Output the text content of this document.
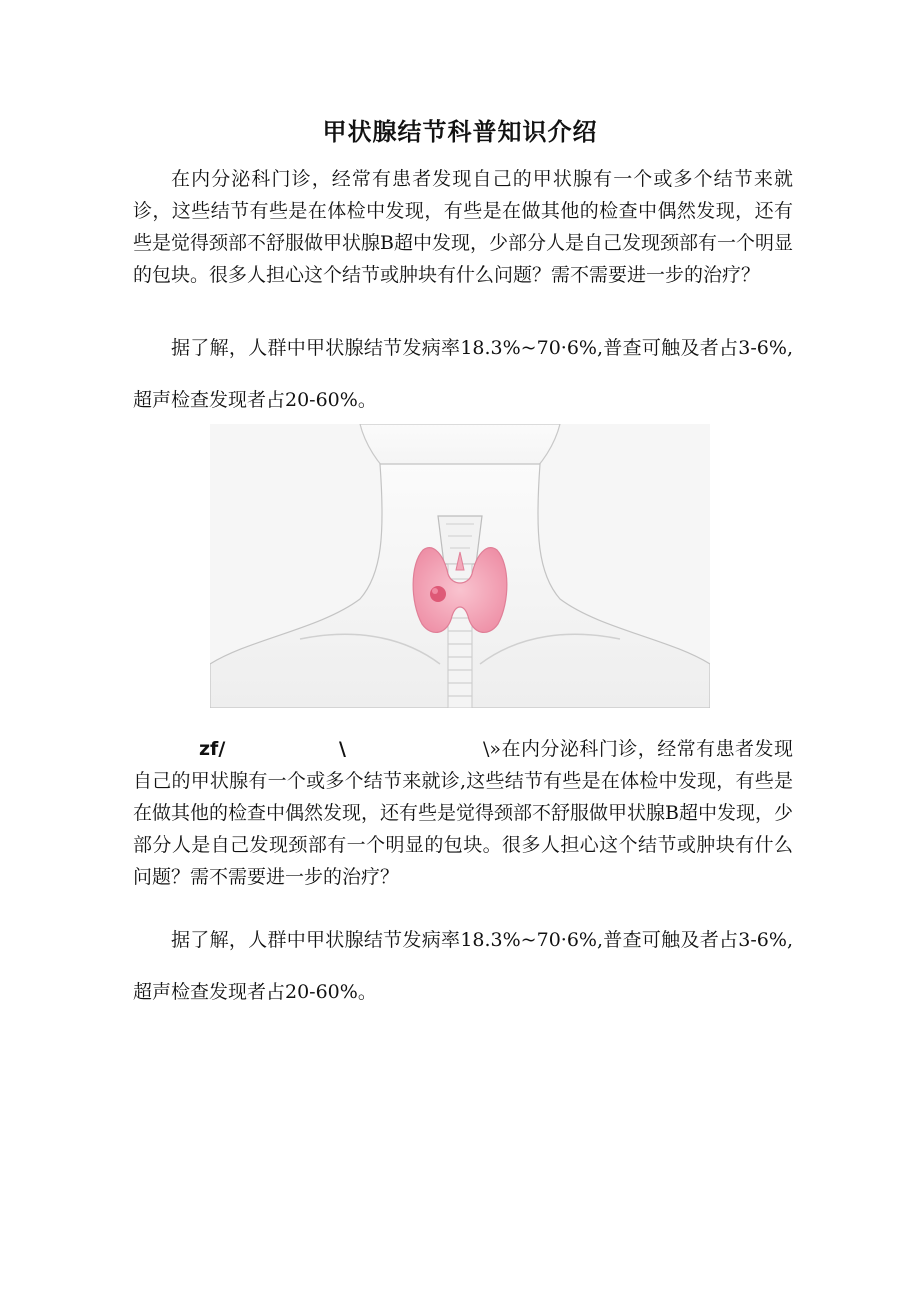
甲状腺结节科普知识介绍

在内分泌科门诊，经常有患者发现自己的甲状腺有一个或多个结节来就诊，这些结节有些是在体检中发现，有些是在做其他的检查中偶然发现，还有些是觉得颈部不舒服做甲状腺B超中发现，少部分人是自己发现颈部有一个明显的包块。很多人担心这个结节或肿块有什么问题？需不需要进一步的治疗？

据了解，人群中甲状腺结节发病率18.3%~70·6%,普查可触及者占3-6%,超声检查发现者占20-60%。

zf/	\	\»在内分泌科门诊，经常有患者发现自己的甲状腺有一个或多个结节来就诊,这些结节有些是在体检中发现，有些是在做其他的检查中偶然发现，还有些是觉得颈部不舒服做甲状腺B超中发现，少部分人是自己发现颈部有一个明显的包块。很多人担心这个结节或肿块有什么问题？需不需要进一步的治疗？

据了解，人群中甲状腺结节发病率18.3%~70·6%,普查可触及者占3-6%,超声检查发现者占20-60%。
